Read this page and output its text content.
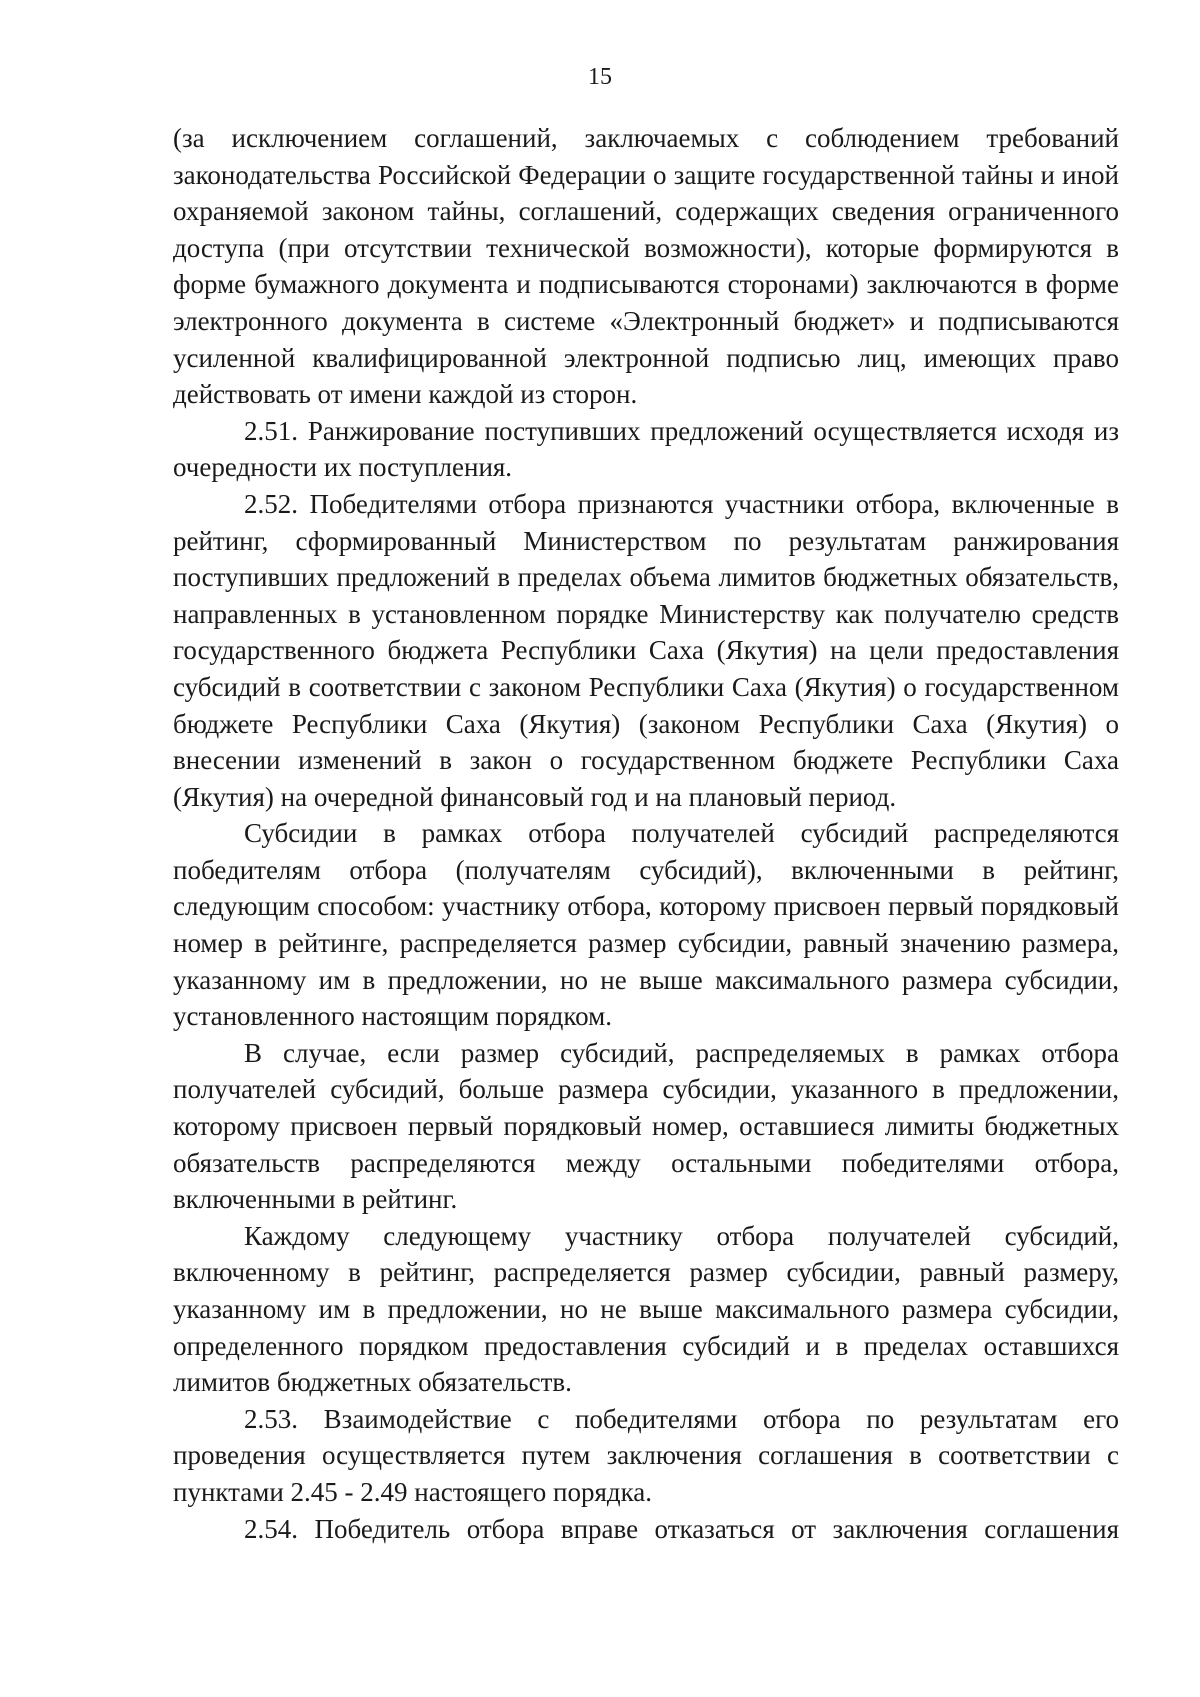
15

(за исключением соглашений, заключаемых с соблюдением требований законодательства Российской Федерации о защите государственной тайны и иной охраняемой законом тайны, соглашений, содержащих сведения ограниченного доступа (при отсутствии технической возможности), которые формируются в форме бумажного документа и подписываются сторонами) заключаются в форме электронного документа в системе «Электронный бюджет» и подписываются усиленной квалифицированной электронной подписью лиц, имеющих право действовать от имени каждой из сторон.

2.51. Ранжирование поступивших предложений осуществляется исходя из очередности их поступления.

2.52. Победителями отбора признаются участники отбора, включенные в рейтинг, сформированный Министерством по результатам ранжирования поступивших предложений в пределах объема лимитов бюджетных обязательств, направленных в установленном порядке Министерству как получателю средств государственного бюджета Республики Саха (Якутия) на цели предоставления субсидий в соответствии с законом Республики Саха (Якутия) о государственном бюджете Республики Саха (Якутия) (законом Республики Саха (Якутия) о внесении изменений в закон о государственном бюджете Республики Саха (Якутия) на очередной финансовый год и на плановый период.

Субсидии в рамках отбора получателей субсидий распределяются победителям отбора (получателям субсидий), включенными в рейтинг, следующим способом: участнику отбора, которому присвоен первый порядковый номер в рейтинге, распределяется размер субсидии, равный значению размера, указанному им в предложении, но не выше максимального размера субсидии, установленного настоящим порядком.

В случае, если размер субсидий, распределяемых в рамках отбора получателей субсидий, больше размера субсидии, указанного в предложении, которому присвоен первый порядковый номер, оставшиеся лимиты бюджетных обязательств распределяются между остальными победителями отбора, включенными в рейтинг.

Каждому следующему участнику отбора получателей субсидий, включенному в рейтинг, распределяется размер субсидии, равный размеру, указанному им в предложении, но не выше максимального размера субсидии, определенного порядком предоставления субсидий и в пределах оставшихся лимитов бюджетных обязательств.

2.53. Взаимодействие с победителями отбора по результатам его проведения осуществляется путем заключения соглашения в соответствии с пунктами 2.45 - 2.49 настоящего порядка.

2.54. Победитель отбора вправе отказаться от заключения соглашения
